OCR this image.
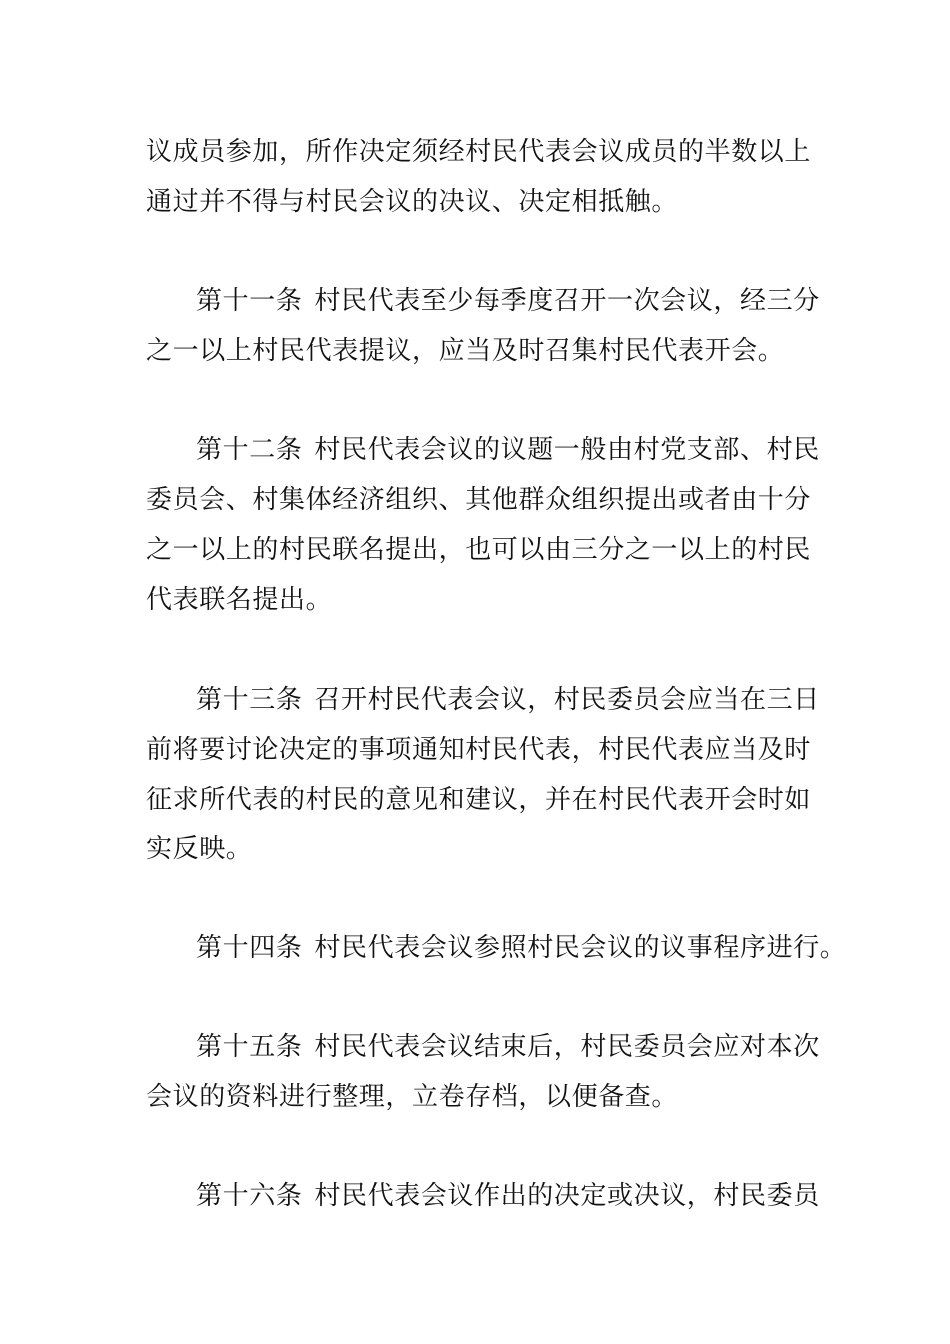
议成员参加，所作决定须经村民代表会议成员的半数以上
通过并不得与村民会议的决议、决定相抵触。
第十一条 村民代表至少每季度召开一次会议，经三分
之一以上村民代表提议，应当及时召集村民代表开会。
第十二条 村民代表会议的议题一般由村党支部、村民
委员会、村集体经济组织、其他群众组织提出或者由十分
之一以上的村民联名提出，也可以由三分之一以上的村民
代表联名提出。
第十三条 召开村民代表会议，村民委员会应当在三日
前将要讨论决定的事项通知村民代表，村民代表应当及时
征求所代表的村民的意见和建议，并在村民代表开会时如
实反映。
第十四条 村民代表会议参照村民会议的议事程序进行。
第十五条 村民代表会议结束后，村民委员会应对本次
会议的资料进行整理，立卷存档，以便备查。
第十六条 村民代表会议作出的决定或决议，村民委员
